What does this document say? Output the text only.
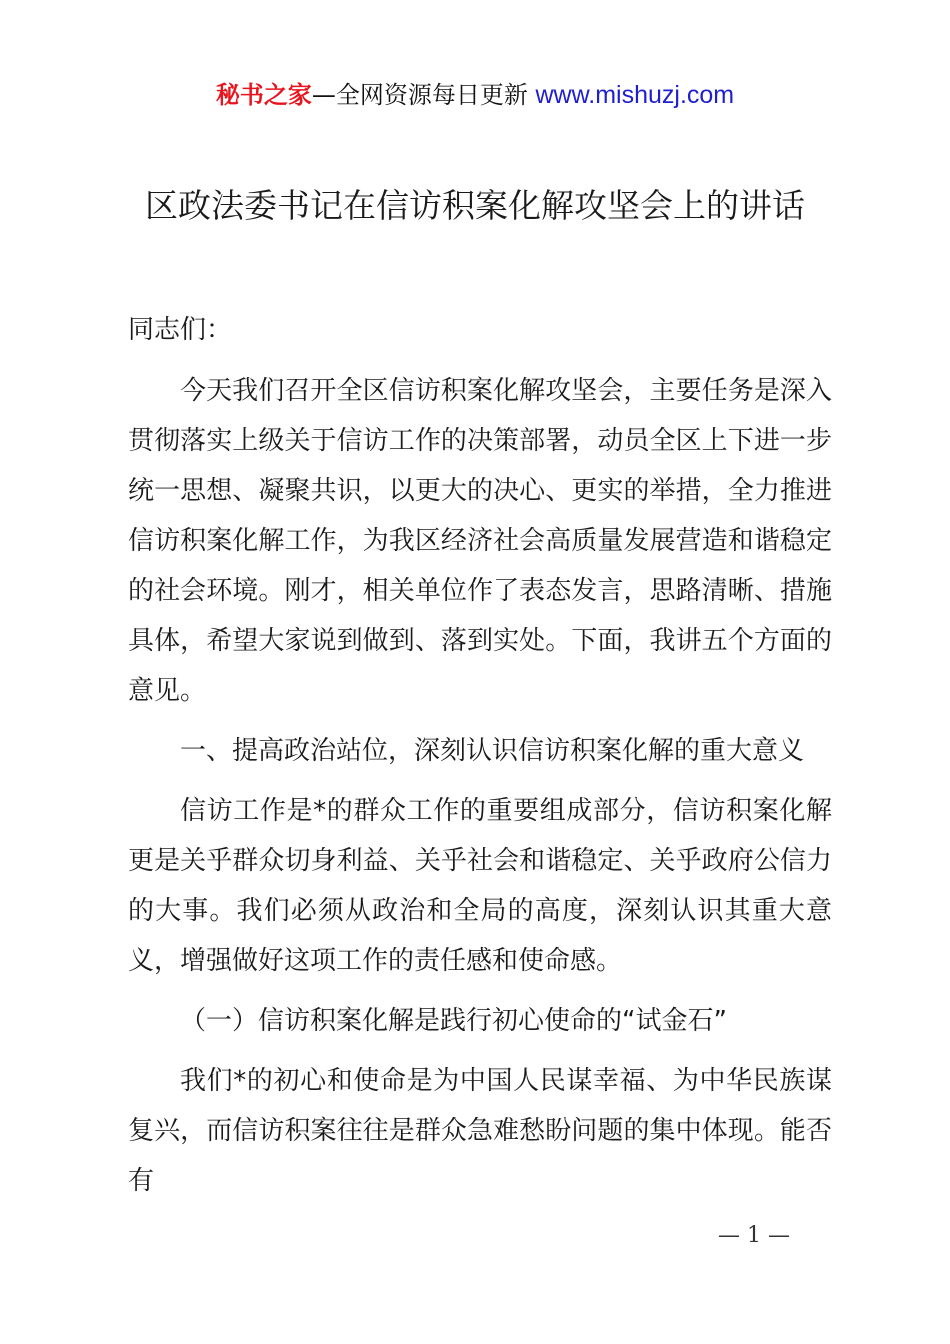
秘书之家—全网资源每日更新 www.mishuzj.com
区政法委书记在信访积案化解攻坚会上的讲话

同志们：

今天我们召开全区信访积案化解攻坚会，主要任务是深入贯彻落实上级关于信访工作的决策部署，动员全区上下进一步统一思想、凝聚共识，以更大的决心、更实的举措，全力推进信访积案化解工作，为我区经济社会高质量发展营造和谐稳定的社会环境。刚才，相关单位作了表态发言，思路清晰、措施具体，希望大家说到做到、落到实处。下面，我讲五个方面的意见。

一、提高政治站位，深刻认识信访积案化解的重大意义

信访工作是*的群众工作的重要组成部分，信访积案化解更是关乎群众切身利益、关乎社会和谐稳定、关乎政府公信力的大事。我们必须从政治和全局的高度，深刻认识其重大意义，增强做好这项工作的责任感和使命感。

（一）信访积案化解是践行初心使命的“试金石”

我们*的初心和使命是为中国人民谋幸福、为中华民族谋复兴，而信访积案往往是群众急难愁盼问题的集中体现。能否有

— 1 —
